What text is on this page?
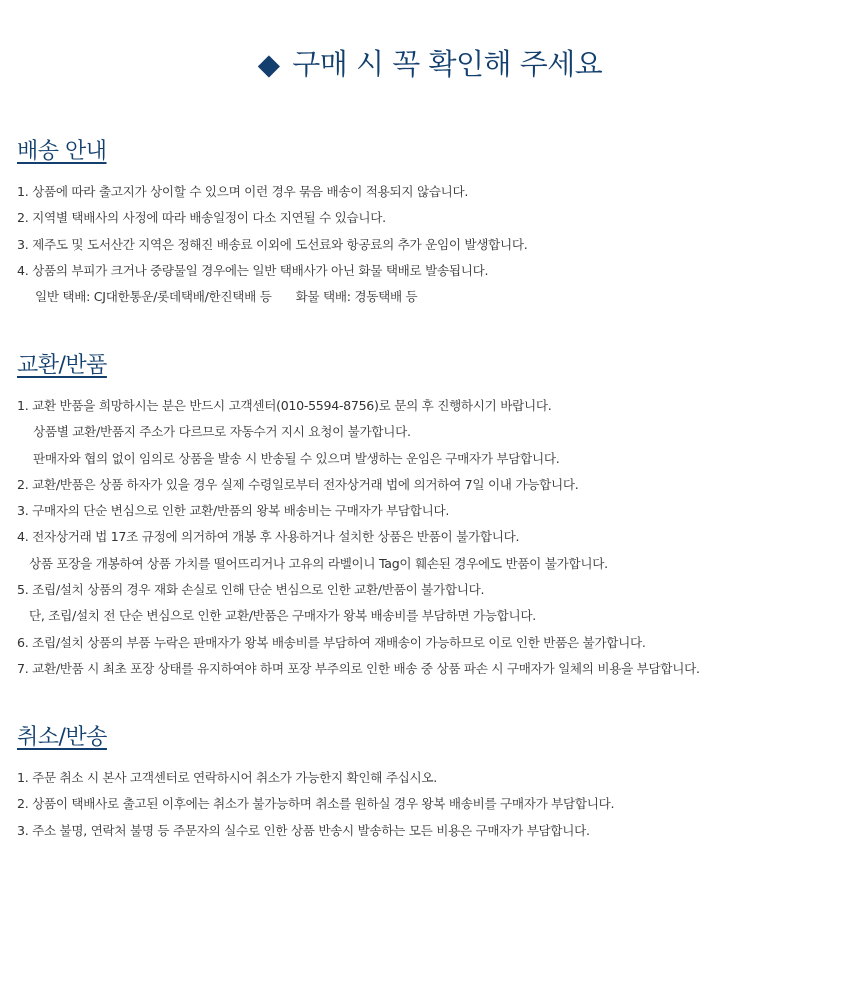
◆ 구매 시 꼭 확인해 주세요
배송 안내
1. 상품에 따라 출고지가 상이할 수 있으며 이런 경우 묶음 배송이 적용되지 않습니다.
2. 지역별 택배사의 사정에 따라 배송일정이 다소 지연될 수 있습니다.
3. 제주도 및 도서산간 지역은 정해진 배송료 이외에 도선료와 항공료의 추가 운임이 발생합니다.
4. 상품의 부피가 크거나 중량물일 경우에는 일반 택배사가 아닌 화물 택배로 발송됩니다.
일반 택배: CJ대한통운/롯데택배/한진택배 등 화물 택배: 경동택배 등
교환/반품
1. 교환 반품을 희망하시는 분은 반드시 고객센터(010-5594-8756)로 문의 후 진행하시기 바랍니다.
상품별 교환/반품지 주소가 다르므로 자동수거 지시 요청이 불가합니다.
판매자와 협의 없이 임의로 상품을 발송 시 반송될 수 있으며 발생하는 운임은 구매자가 부담합니다.
2. 교환/반품은 상품 하자가 있을 경우 실제 수령일로부터 전자상거래 법에 의거하여 7일 이내 가능합니다.
3. 구매자의 단순 변심으로 인한 교환/반품의 왕복 배송비는 구매자가 부담합니다.
4. 전자상거래 법 17조 규정에 의거하여 개봉 후 사용하거나 설치한 상품은 반품이 불가합니다.
상품 포장을 개봉하여 상품 가치를 떨어뜨리거나 고유의 라벨이니 Tag이 훼손된 경우에도 반품이 불가합니다.
5. 조립/설치 상품의 경우 재화 손실로 인해 단순 변심으로 인한 교환/반품이 불가합니다.
단, 조립/설치 전 단순 변심으로 인한 교환/반품은 구매자가 왕복 배송비를 부담하면 가능합니다.
6. 조립/설치 상품의 부품 누락은 판매자가 왕복 배송비를 부담하여 재배송이 가능하므로 이로 인한 반품은 불가합니다.
7. 교환/반품 시 최초 포장 상태를 유지하여야 하며 포장 부주의로 인한 배송 중 상품 파손 시 구매자가 일체의 비용을 부담합니다.
취소/반송
1. 주문 취소 시 본사 고객센터로 연락하시어 취소가 가능한지 확인해 주십시오.
2. 상품이 택배사로 출고된 이후에는 취소가 불가능하며 취소를 원하실 경우 왕복 배송비를 구매자가 부담합니다.
3. 주소 불명, 연락처 불명 등 주문자의 실수로 인한 상품 반송시 발송하는 모든 비용은 구매자가 부담합니다.
